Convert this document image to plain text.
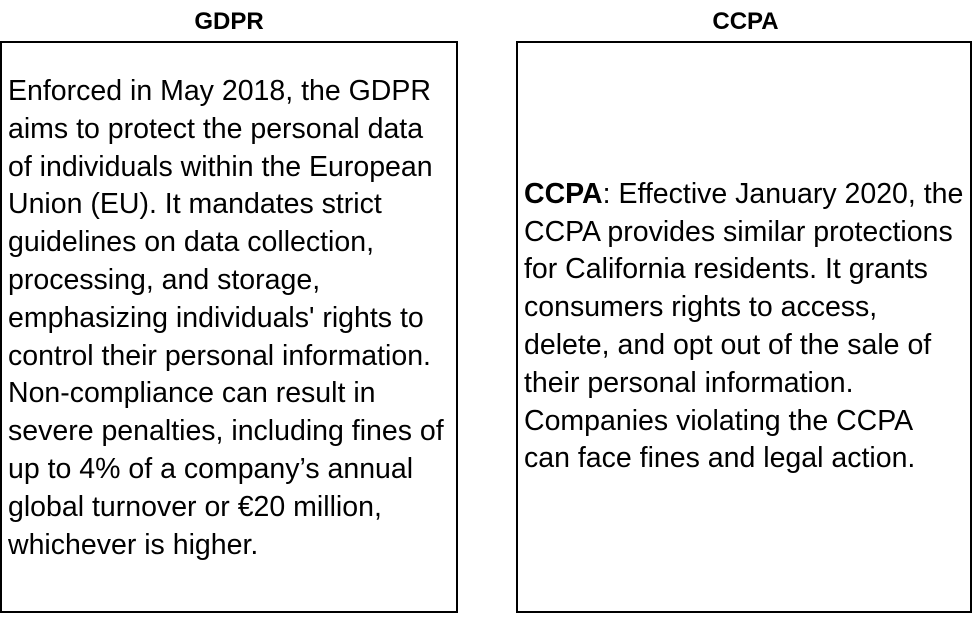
GDPR
Enforced in May 2018, the GDPR aims to protect the personal data of individuals within the European Union (EU). It mandates strict guidelines on data collection, processing, and storage, emphasizing individuals' rights to control their personal information. Non-compliance can result in severe penalties, including fines of up to 4% of a company’s annual global turnover or €20 million, whichever is higher.
CCPA
CCPA: Effective January 2020, the CCPA provides similar protections for California residents. It grants consumers rights to access, delete, and opt out of the sale of their personal information. Companies violating the CCPA can face fines and legal action.
